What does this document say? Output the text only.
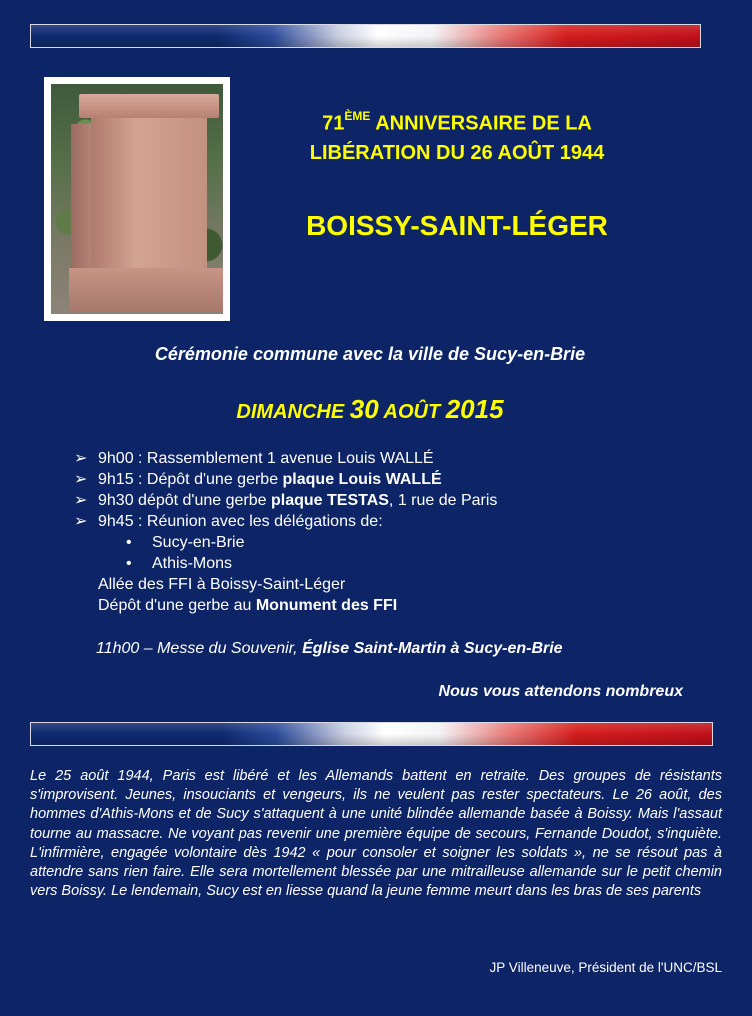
71ÈME ANNIVERSAIRE DE LA
LIBÉRATION DU 26 AOÛT 1944
BOISSY-SAINT-LÉGER
Cérémonie commune avec la ville de Sucy-en-Brie
DIMANCHE 30 AOÛT 2015
➢ 9h00 : Rassemblement 1 avenue Louis WALLÉ
➢ 9h15 : Dépôt d'une gerbe plaque Louis WALLÉ
➢ 9h30 dépôt d'une gerbe plaque TESTAS, 1 rue de Paris
➢ 9h45 : Réunion avec les délégations de:
• Sucy-en-Brie
• Athis-Mons
Allée des FFI à Boissy-Saint-Léger
Dépôt d'une gerbe au Monument des FFI
11h00 – Messe du Souvenir, Église Saint-Martin à Sucy-en-Brie
Nous vous attendons nombreux
Le 25 août 1944, Paris est libéré et les Allemands battent en retraite. Des groupes de résistants s'improvisent. Jeunes, insouciants et vengeurs, ils ne veulent pas rester spectateurs. Le 26 août, des hommes d'Athis-Mons et de Sucy s'attaquent à une unité blindée allemande basée à Boissy. Mais l'assaut tourne au massacre. Ne voyant pas revenir une première équipe de secours, Fernande Doudot, s'inquiète. L'infirmière, engagée volontaire dès 1942 « pour consoler et soigner les soldats », ne se résout pas à attendre sans rien faire. Elle sera mortellement blessée par une mitrailleuse allemande sur le petit chemin vers Boissy. Le lendemain, Sucy est en liesse quand la jeune femme meurt dans les bras de ses parents
JP Villeneuve, Président de l'UNC/BSL
